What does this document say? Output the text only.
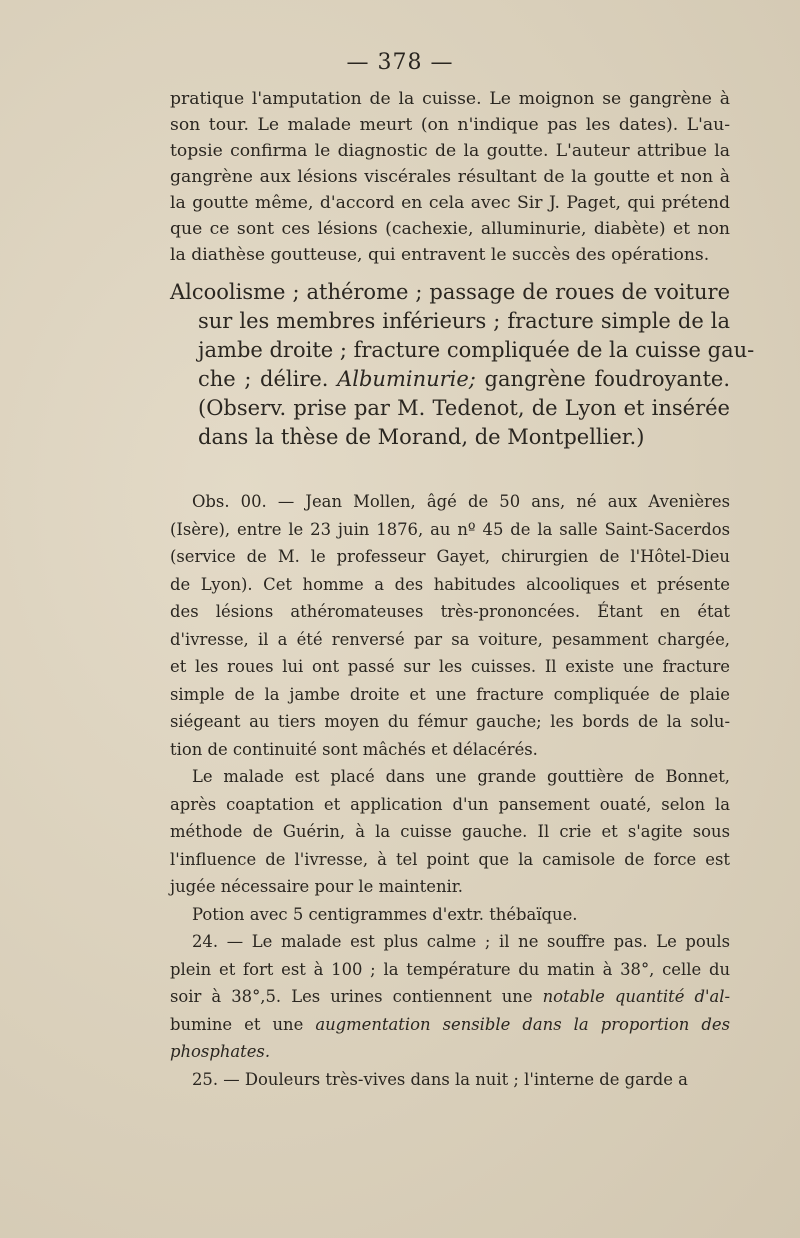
— 378 —
pratique l'amputation de la cuisse. Le moignon se gangrène à
son tour. Le malade meurt (on n'indique pas les dates). L'au-
topsie confirma le diagnostic de la goutte. L'auteur attribue la
gangrène aux lésions viscérales résultant de la goutte et non à
la goutte même, d'accord en cela avec Sir J. Paget, qui prétend
que ce sont ces lésions (cachexie, alluminurie, diabète) et non
la diathèse goutteuse, qui entravent le succès des opérations.
Alcoolisme ; athérome ; passage de roues de voiture
sur les membres inférieurs ; fracture simple de la
jambe droite ; fracture compliquée de la cuisse gau-
che ; délire. Albuminurie; gangrène foudroyante.
(Observ. prise par M. Tedenot, de Lyon et insérée
dans la thèse de Morand, de Montpellier.)
Obs. 00. — Jean Mollen, âgé de 50 ans, né aux Avenières
(Isère), entre le 23 juin 1876, au nº 45 de la salle Saint-Sacerdos
(service de M. le professeur Gayet, chirurgien de l'Hôtel-Dieu
de Lyon). Cet homme a des habitudes alcooliques et présente
des lésions athéromateuses très-prononcées. Étant en état
d'ivresse, il a été renversé par sa voiture, pesamment chargée,
et les roues lui ont passé sur les cuisses. Il existe une fracture
simple de la jambe droite et une fracture compliquée de plaie
siégeant au tiers moyen du fémur gauche; les bords de la solu-
tion de continuité sont mâchés et délacérés.
Le malade est placé dans une grande gouttière de Bonnet,
après coaptation et application d'un pansement ouaté, selon la
méthode de Guérin, à la cuisse gauche. Il crie et s'agite sous
l'influence de l'ivresse, à tel point que la camisole de force est
jugée nécessaire pour le maintenir.
Potion avec 5 centigrammes d'extr. thébaïque.
24. — Le malade est plus calme ; il ne souffre pas. Le pouls
plein et fort est à 100 ; la température du matin à 38°, celle du
soir à 38°,5. Les urines contiennent une notable quantité d'al-
bumine et une augmentation sensible dans la proportion des
phosphates.
25. — Douleurs très-vives dans la nuit ; l'interne de garde a
